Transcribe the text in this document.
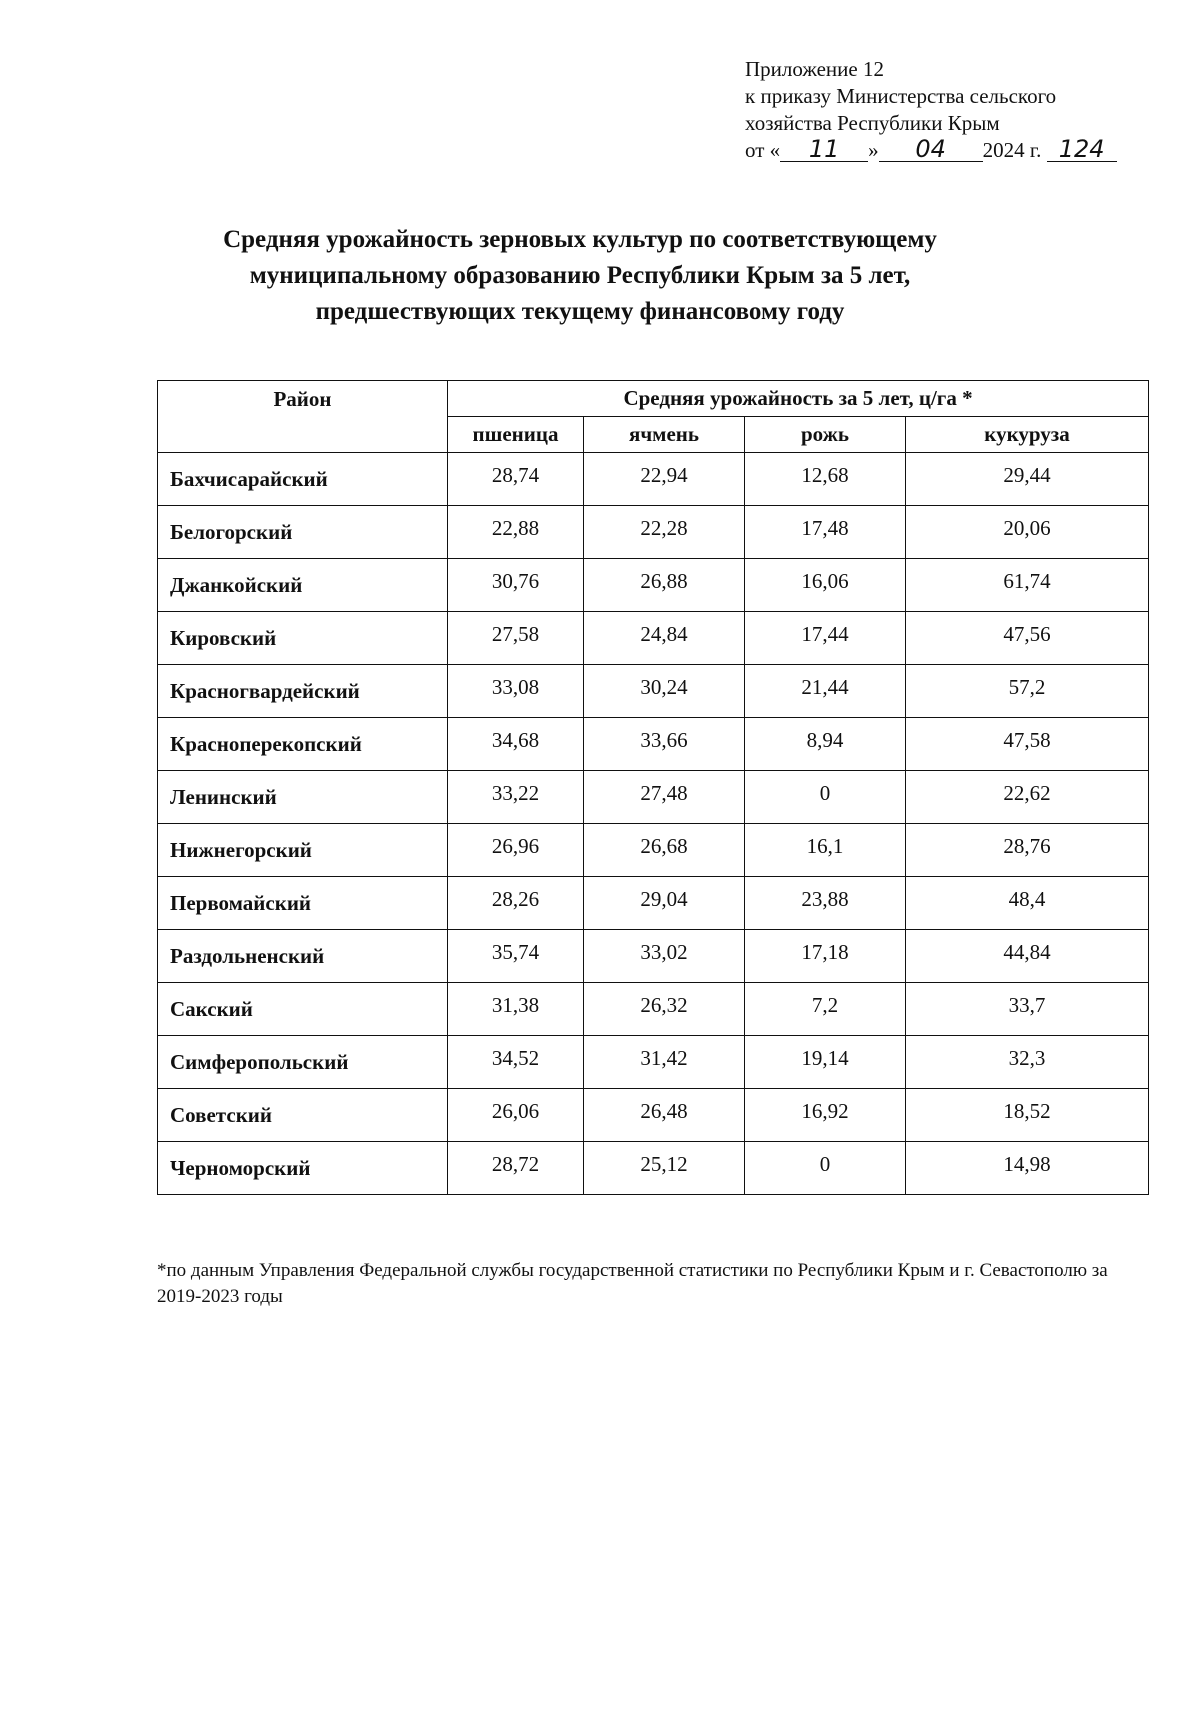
Приложение 12
к приказу Министерства сельского
хозяйства Республики Крым
от « 11 » 04 2024 г. 124
Средняя урожайность зерновых культур по соответствующему
муниципальному образованию Республики Крым за 5 лет,
предшествующих текущему финансовому году
Район	Средняя урожайность за 5 лет, ц/га *			
	пшеница	ячмень	рожь	кукуруза
Бахчисарайский	28,74	22,94	12,68	29,44
Белогорский	22,88	22,28	17,48	20,06
Джанкойский	30,76	26,88	16,06	61,74
Кировский	27,58	24,84	17,44	47,56
Красногвардейский	33,08	30,24	21,44	57,2
Красноперекопский	34,68	33,66	8,94	47,58
Ленинский	33,22	27,48	0	22,62
Нижнегорский	26,96	26,68	16,1	28,76
Первомайский	28,26	29,04	23,88	48,4
Раздольненский	35,74	33,02	17,18	44,84
Сакский	31,38	26,32	7,2	33,7
Симферопольский	34,52	31,42	19,14	32,3
Советский	26,06	26,48	16,92	18,52
Черноморский	28,72	25,12	0	14,98
*по данным Управления Федеральной службы государственной статистики по Республики Крым и г. Севастополю за 2019-2023 годы
